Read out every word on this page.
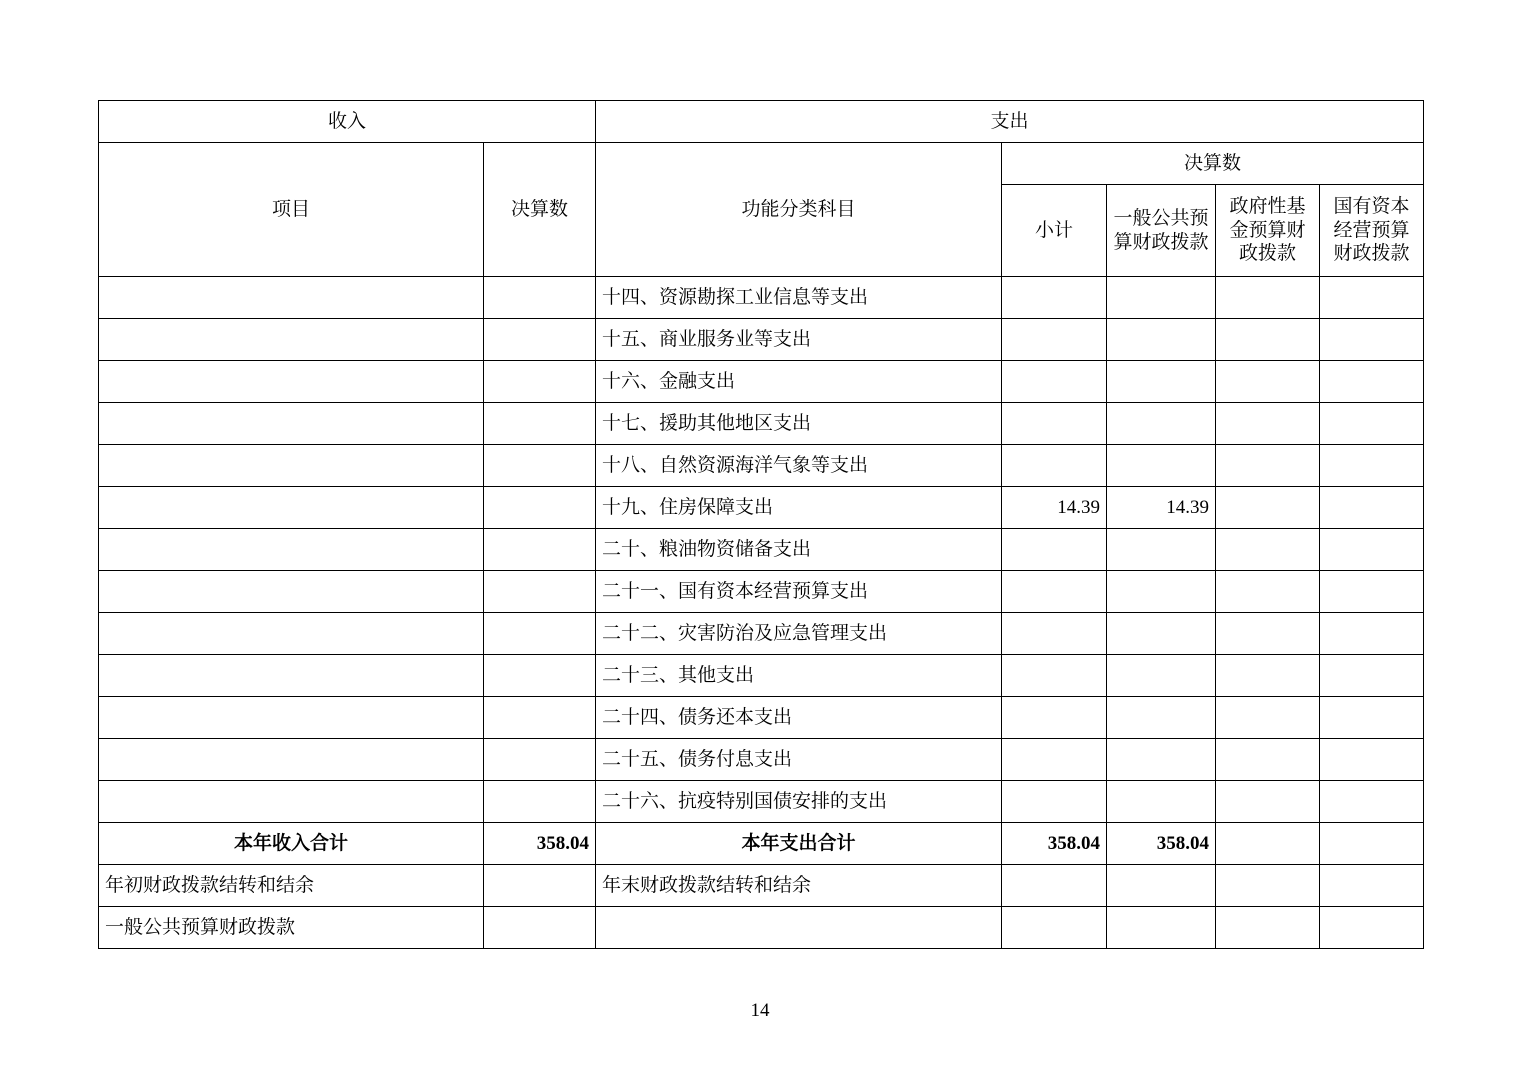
收入		支出				
项目	决算数	功能分类科目	决算数			
			小计	一般公共预算财政拨款	政府性基金预算财政拨款	国有资本经营预算财政拨款
		十四、资源勘探工业信息等支出				
		十五、商业服务业等支出				
		十六、金融支出				
		十七、援助其他地区支出				
		十八、自然资源海洋气象等支出				
		十九、住房保障支出	14.39	14.39		
		二十、粮油物资储备支出				
		二十一、国有资本经营预算支出				
		二十二、灾害防治及应急管理支出				
		二十三、其他支出				
		二十四、债务还本支出				
		二十五、债务付息支出				
		二十六、抗疫特别国债安排的支出				
本年收入合计	358.04	本年支出合计	358.04	358.04		
年初财政拨款结转和结余		年末财政拨款结转和结余				
一般公共预算财政拨款						
14
